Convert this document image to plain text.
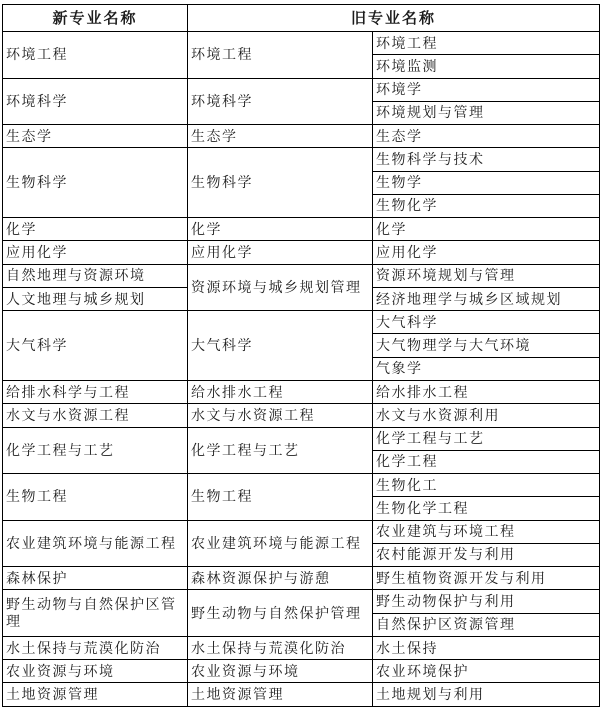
新专业名称	旧专业名称	
环境工程	环境工程	环境工程
		环境监测
环境科学	环境科学	环境学
		环境规划与管理
生态学	生态学	生态学
生物科学	生物科学	生物科学与技术
		生物学
		生物化学
化学	化学	化学
应用化学	应用化学	应用化学
自然地理与资源环境	资源环境与城乡规划管理	资源环境规划与管理
人文地理与城乡规划		经济地理学与城乡区域规划
大气科学	大气科学	大气科学
		大气物理学与大气环境
		气象学
给排水科学与工程	给水排水工程	给水排水工程
水文与水资源工程	水文与水资源工程	水文与水资源利用
化学工程与工艺	化学工程与工艺	化学工程与工艺
		化学工程
生物工程	生物工程	生物化工
		生物化学工程
农业建筑环境与能源工程	农业建筑环境与能源工程	农业建筑与环境工程
		农村能源开发与利用
森林保护	森林资源保护与游憩	野生植物资源开发与利用
野生动物与自然保护区管理	野生动物与自然保护管理	野生动物保护与利用
		自然保护区资源管理
水土保持与荒漠化防治	水土保持与荒漠化防治	水土保持
农业资源与环境	农业资源与环境	农业环境保护
土地资源管理	土地资源管理	土地规划与利用
